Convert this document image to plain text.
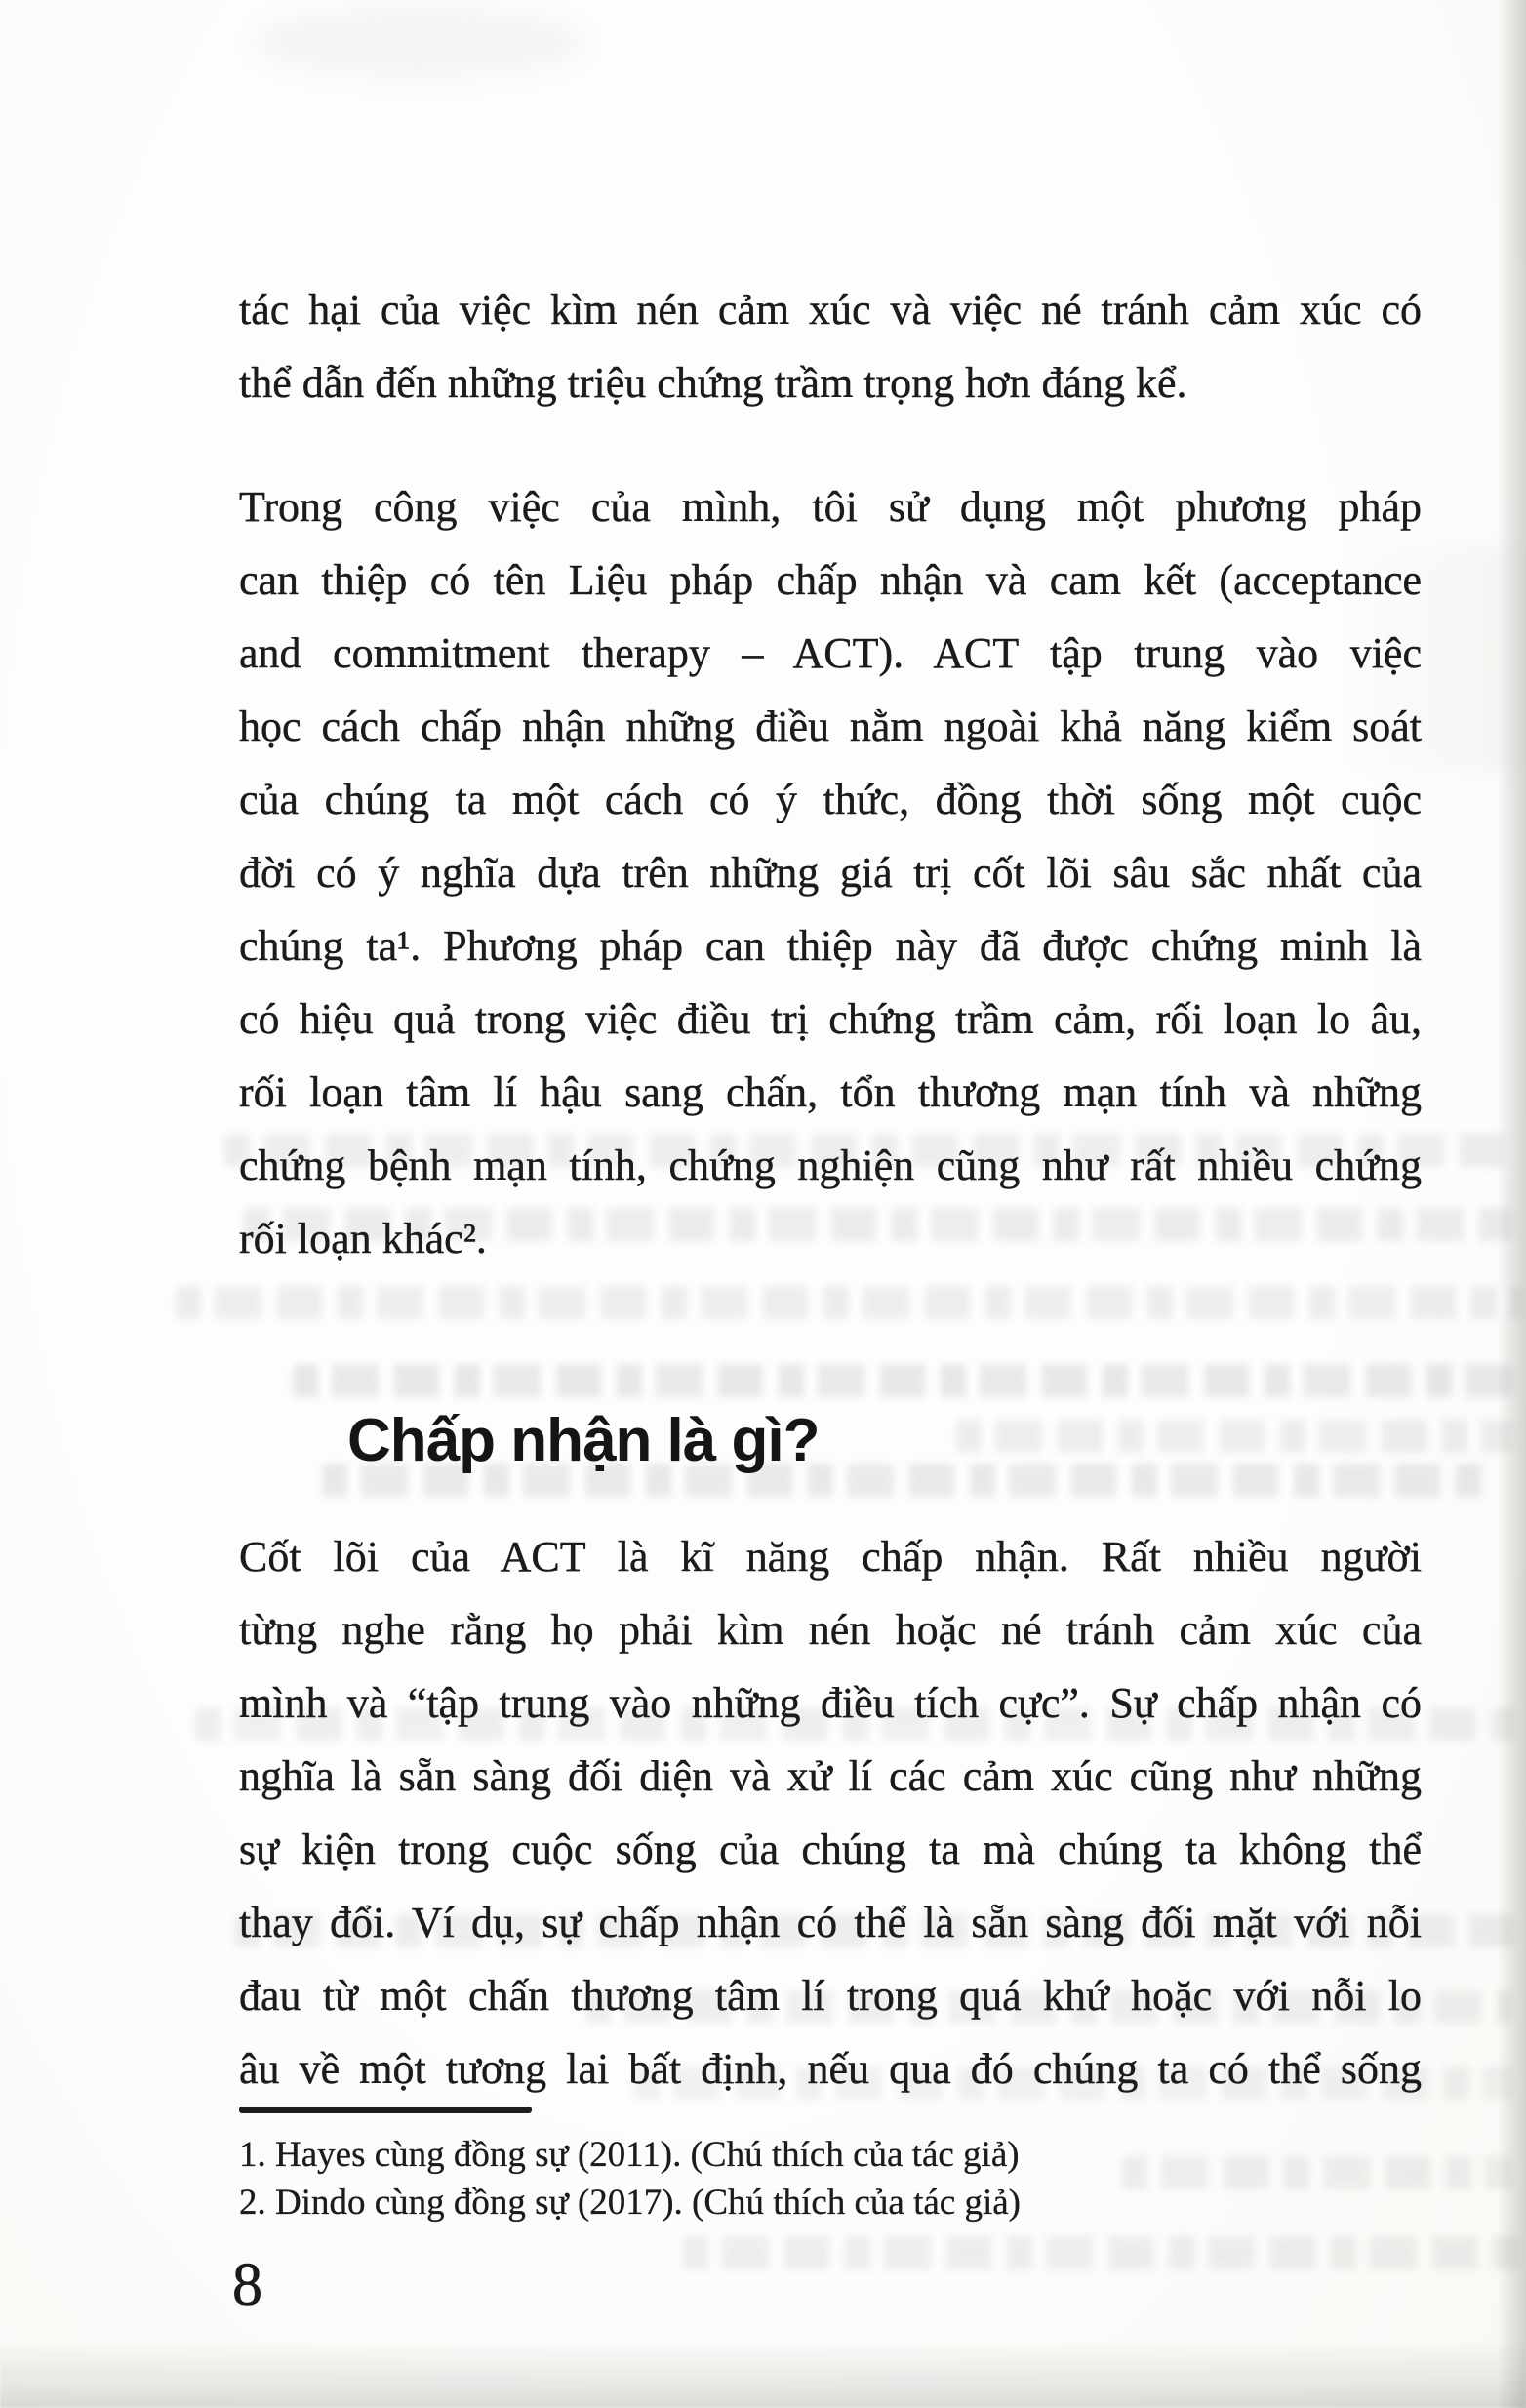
tác hại của việc kìm nén cảm xúc và việc né tránh cảm xúc có
thể dẫn đến những triệu chứng trầm trọng hơn đáng kể.
Trong công việc của mình, tôi sử dụng một phương pháp
can thiệp có tên Liệu pháp chấp nhận và cam kết (acceptance
and commitment therapy – ACT). ACT tập trung vào việc
học cách chấp nhận những điều nằm ngoài khả năng kiểm soát
của chúng ta một cách có ý thức, đồng thời sống một cuộc
đời có ý nghĩa dựa trên những giá trị cốt lõi sâu sắc nhất của
chúng ta¹. Phương pháp can thiệp này đã được chứng minh là
có hiệu quả trong việc điều trị chứng trầm cảm, rối loạn lo âu,
rối loạn tâm lí hậu sang chấn, tổn thương mạn tính và những
chứng bệnh mạn tính, chứng nghiện cũng như rất nhiều chứng
rối loạn khác².
Chấp nhận là gì?
Cốt lõi của ACT là kĩ năng chấp nhận. Rất nhiều người
từng nghe rằng họ phải kìm nén hoặc né tránh cảm xúc của
mình và “tập trung vào những điều tích cực”. Sự chấp nhận có
nghĩa là sẵn sàng đối diện và xử lí các cảm xúc cũng như những
sự kiện trong cuộc sống của chúng ta mà chúng ta không thể
thay đổi. Ví dụ, sự chấp nhận có thể là sẵn sàng đối mặt với nỗi
đau từ một chấn thương tâm lí trong quá khứ hoặc với nỗi lo
âu về một tương lai bất định, nếu qua đó chúng ta có thể sống
1. Hayes cùng đồng sự (2011). (Chú thích của tác giả)
2. Dindo cùng đồng sự (2017). (Chú thích của tác giả)
8
